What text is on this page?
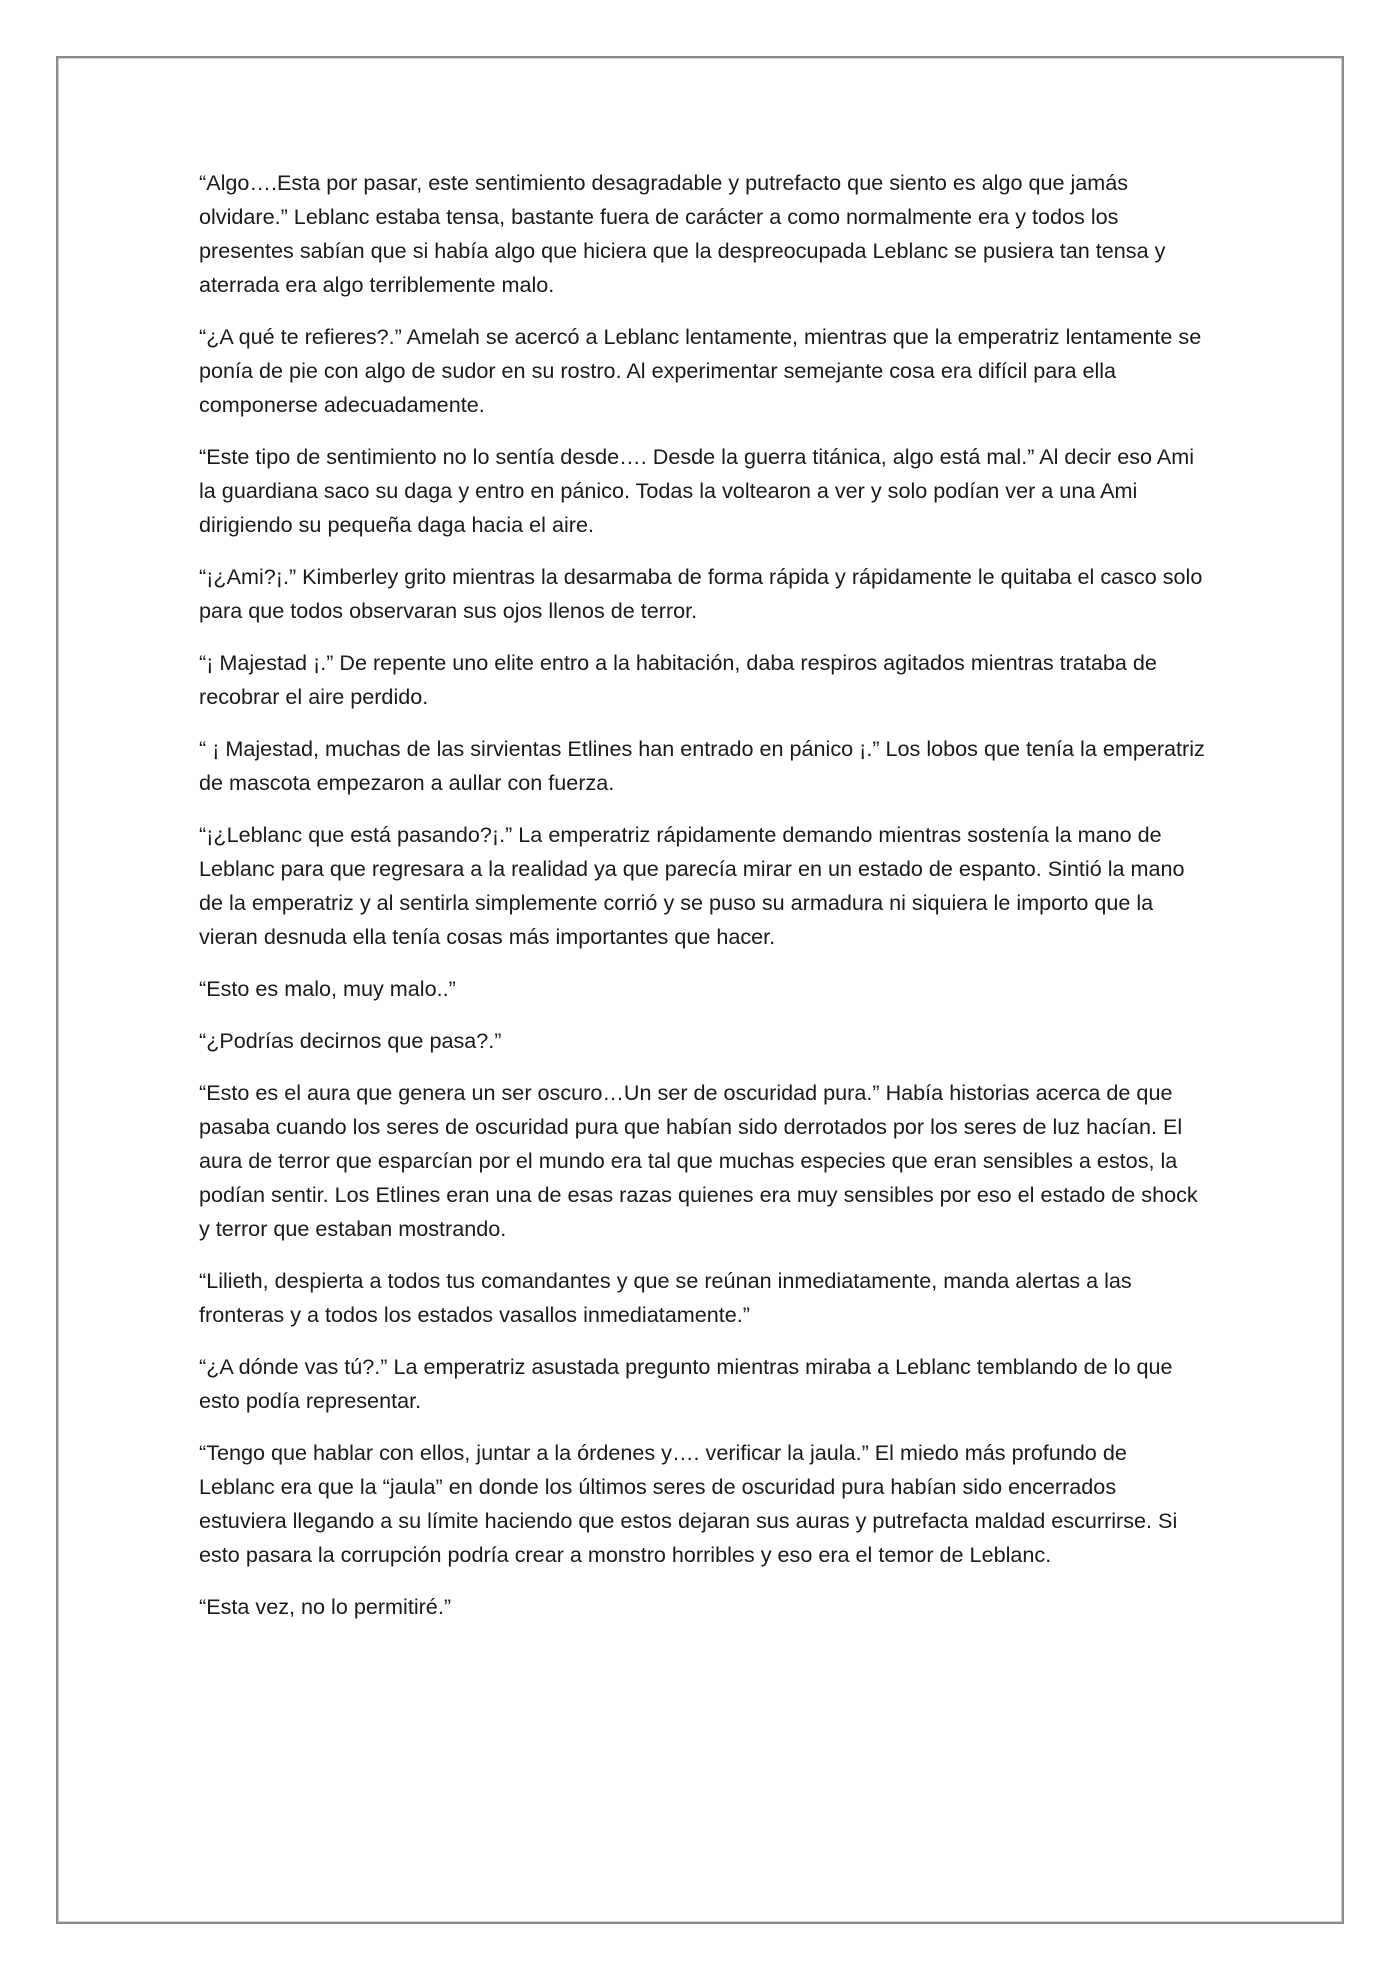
“Algo….Esta por pasar, este sentimiento desagradable y putrefacto que siento es algo que jamás olvidare.” Leblanc estaba tensa, bastante fuera de carácter a como normalmente era y todos los presentes sabían que si había algo que hiciera que la despreocupada Leblanc se pusiera tan tensa y aterrada era algo terriblemente malo.

“¿A qué te refieres?.” Amelah se acercó a Leblanc lentamente, mientras que la emperatriz lentamente se ponía de pie con algo de sudor en su rostro. Al experimentar semejante cosa era difícil para ella componerse adecuadamente.

“Este tipo de sentimiento no lo sentía desde…. Desde la guerra titánica, algo está mal.” Al decir eso Ami la guardiana saco su daga y entro en pánico. Todas la voltearon a ver y solo podían ver a una Ami dirigiendo su pequeña daga hacia el aire.

“¡¿Ami?¡.” Kimberley grito mientras la desarmaba de forma rápida y rápidamente le quitaba el casco solo para que todos observaran sus ojos llenos de terror.

“¡ Majestad ¡.” De repente uno elite entro a la habitación, daba respiros agitados mientras trataba de recobrar el aire perdido.

“ ¡ Majestad, muchas de las sirvientas Etlines han entrado en pánico ¡.” Los lobos que tenía la emperatriz de mascota empezaron a aullar con fuerza.

“¡¿Leblanc que está pasando?¡.” La emperatriz rápidamente demando mientras sostenía la mano de Leblanc para que regresara a la realidad ya que parecía mirar en un estado de espanto. Sintió la mano de la emperatriz y al sentirla simplemente corrió y se puso su armadura ni siquiera le importo que la vieran desnuda ella tenía cosas más importantes que hacer.

“Esto es malo, muy malo..”

“¿Podrías decirnos que pasa?.”

“Esto es el aura que genera un ser oscuro…Un ser de oscuridad pura.” Había historias acerca de que pasaba cuando los seres de oscuridad pura que habían sido derrotados por los seres de luz hacían. El aura de terror que esparcían por el mundo era tal que muchas especies que eran sensibles a estos, la podían sentir. Los Etlines eran una de esas razas quienes era muy sensibles por eso el estado de shock y terror que estaban mostrando.

“Lilieth, despierta a todos tus comandantes y que se reúnan inmediatamente, manda alertas a las fronteras y a todos los estados vasallos inmediatamente.”

“¿A dónde vas tú?.” La emperatriz asustada pregunto mientras miraba a Leblanc temblando de lo que esto podía representar.

“Tengo que hablar con ellos, juntar a la órdenes y…. verificar la jaula.” El miedo más profundo de Leblanc era que la “jaula” en donde los últimos seres de oscuridad pura habían sido encerrados estuviera llegando a su límite haciendo que estos dejaran sus auras y putrefacta maldad escurrirse. Si esto pasara la corrupción podría crear a monstro horribles y eso era el temor de Leblanc.

“Esta vez, no lo permitiré.”
